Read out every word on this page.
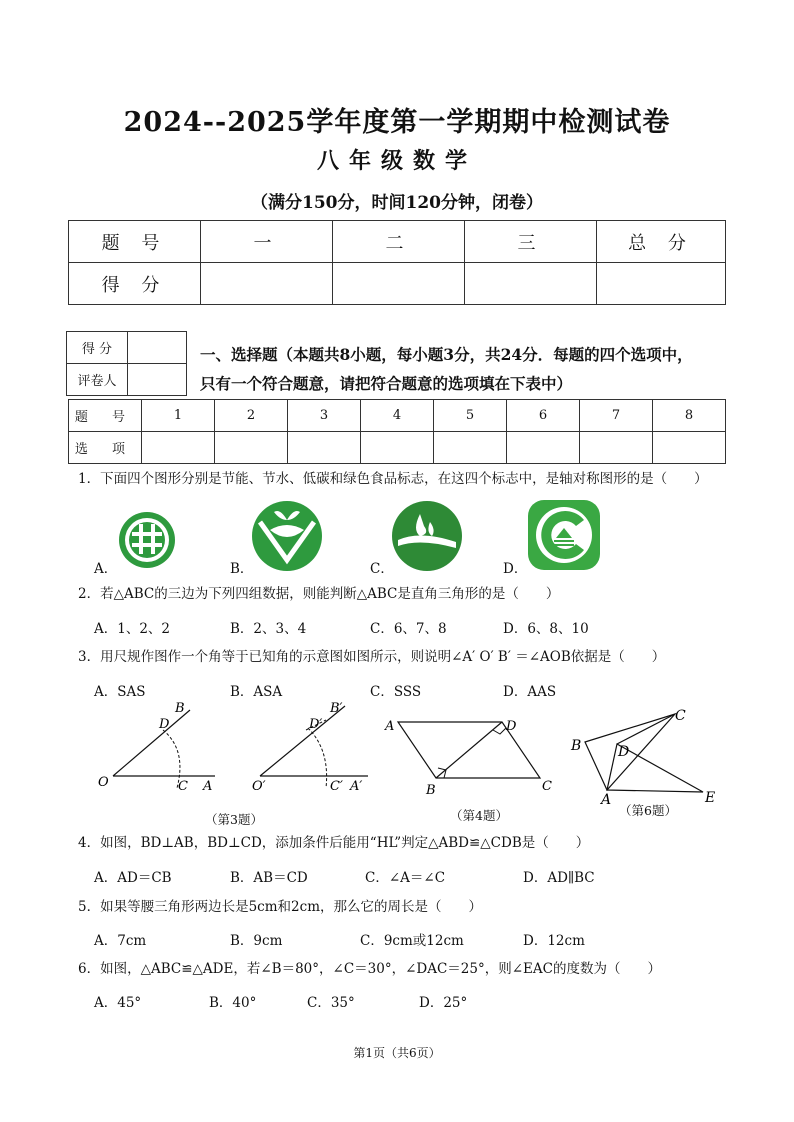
2024--2025学年度第一学期期中检测试卷
八年级数学
（满分150分，时间120分钟，闭卷）
题 号	一	二	三	总 分
得 分				
得 分	
评卷人	
一、选择题（本题共8小题，每小题3分，共24分．每题的四个选项中，
只有一个符合题意，请把符合题意的选项填在下表中）
题 号	1	2	3	4	5	6	7	8
选 项								
1．下面四个图形分别是节能、节水、低碳和绿色食品标志，在这四个标志中，是轴对称图形的是（　　）
A．	B．	C．	D．
2．若△ABC的三边为下列四组数据，则能判断△ABC是直角三角形的是（　　）
A．1、2、2	B．2、3、4	C．6、7、8	D．6、8、10
3．用尺规作图作一个角等于已知角的示意图如图所示，则说明∠A′ O′ B′ ＝∠AOB依据是（　　）
A．SAS	B．ASA	C．SSS	D．AAS
B
D
O	C A
B′
D′
O′	C′ A′
（第3题）
A	D
B	C
（第4题）
B
C
D
A	E
（第6题）
4．如图，BD⊥AB，BD⊥CD，添加条件后能用“HL”判定△ABD≌△CDB是（　　）
A．AD＝CB	B．AB＝CD	C．∠A＝∠C	D．AD∥BC
5．如果等腰三角形两边长是5cm和2cm，那么它的周长是（　　）
A．7cm	B．9cm	C．9cm或12cm	D．12cm
6．如图，△ABC≌△ADE，若∠B＝80°，∠C＝30°，∠DAC＝25°，则∠EAC的度数为（　　）
A．45°	B．40°	C．35°	D．25°
第1页（共6页）
